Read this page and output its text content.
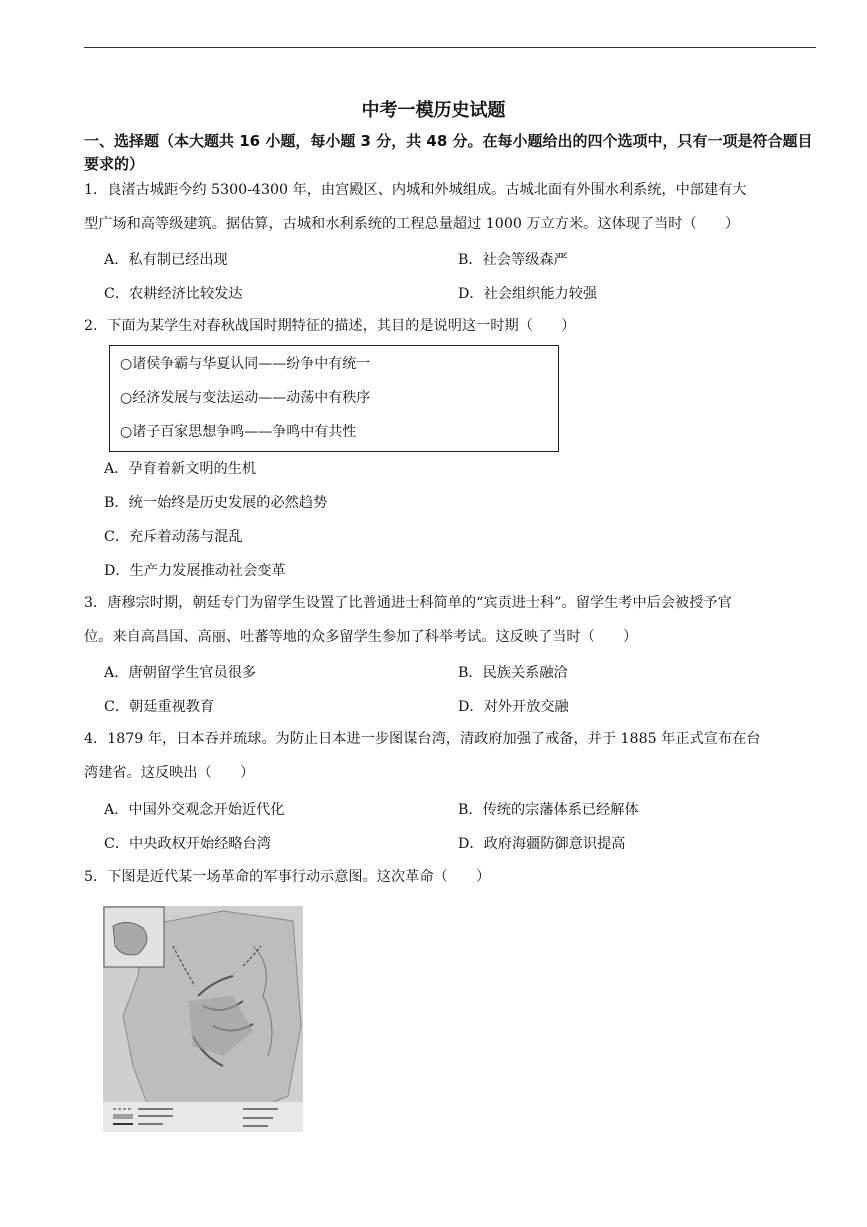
中考一模历史试题
一、选择题（本大题共 16 小题，每小题 3 分，共 48 分。在每小题给出的四个选项中，只有一项是符合题目要求的）
1．良渚古城距今约 5300-4300 年，由宫殿区、内城和外城组成。古城北面有外围水利系统，中部建有大
型广场和高等级建筑。据估算，古城和水利系统的工程总量超过 1000 万立方米。这体现了当时（　　）
A．私有制已经出现	B．社会等级森严
C．农耕经济比较发达	D．社会组织能力较强
2．下面为某学生对春秋战国时期特征的描述，其目的是说明这一时期（　　）
○诸侯争霸与华夏认同——纷争中有统一
○经济发展与变法运动——动荡中有秩序
○诸子百家思想争鸣——争鸣中有共性
A．孕育着新文明的生机
B．统一始终是历史发展的必然趋势
C．充斥着动荡与混乱
D．生产力发展推动社会变革
3．唐穆宗时期，朝廷专门为留学生设置了比普通进士科简单的“宾贡进士科”。留学生考中后会被授予官
位。来自高昌国、高丽、吐蕃等地的众多留学生参加了科举考试。这反映了当时（　　）
A．唐朝留学生官员很多	B．民族关系融洽
C．朝廷重视教育	D．对外开放交融
4．1879 年，日本吞并琉球。为防止日本进一步图谋台湾，清政府加强了戒备，并于 1885 年正式宣布在台
湾建省。这反映出（　　）
A．中国外交观念开始近代化	B．传统的宗藩体系已经解体
C．中央政权开始经略台湾	D．政府海疆防御意识提高
5．下图是近代某一场革命的军事行动示意图。这次革命（　　）
